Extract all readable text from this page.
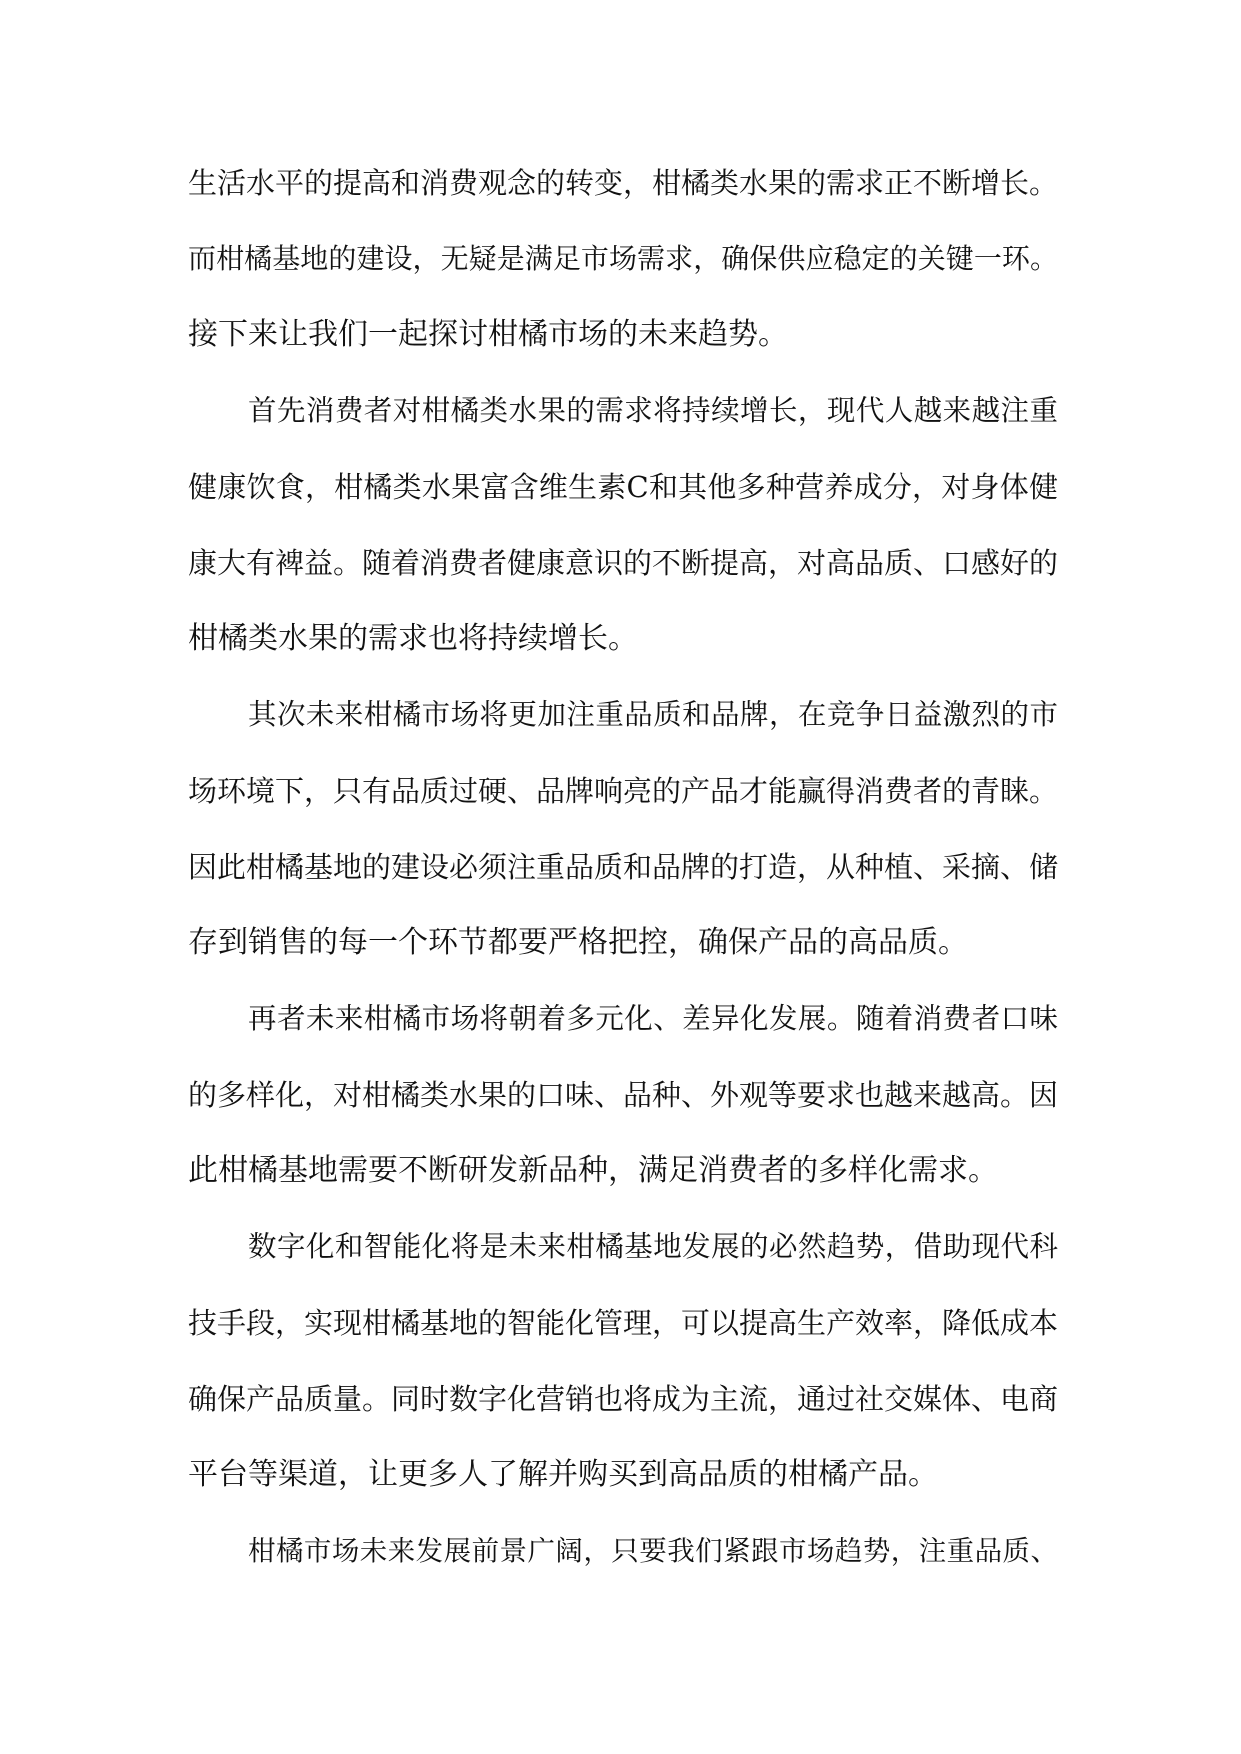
生活水平的提高和消费观念的转变，柑橘类水果的需求正不断增长。
而柑橘基地的建设，无疑是满足市场需求，确保供应稳定的关键一环。
接下来让我们一起探讨柑橘市场的未来趋势。
首先消费者对柑橘类水果的需求将持续增长，现代人越来越注重
健康饮食，柑橘类水果富含维生素C和其他多种营养成分，对身体健
康大有裨益。随着消费者健康意识的不断提高，对高品质、口感好的
柑橘类水果的需求也将持续增长。
其次未来柑橘市场将更加注重品质和品牌，在竞争日益激烈的市
场环境下，只有品质过硬、品牌响亮的产品才能赢得消费者的青睐。
因此柑橘基地的建设必须注重品质和品牌的打造，从种植、采摘、储
存到销售的每一个环节都要严格把控，确保产品的高品质。
再者未来柑橘市场将朝着多元化、差异化发展。随着消费者口味
的多样化，对柑橘类水果的口味、品种、外观等要求也越来越高。因
此柑橘基地需要不断研发新品种，满足消费者的多样化需求。
数字化和智能化将是未来柑橘基地发展的必然趋势，借助现代科
技手段，实现柑橘基地的智能化管理，可以提高生产效率，降低成本
确保产品质量。同时数字化营销也将成为主流，通过社交媒体、电商
平台等渠道，让更多人了解并购买到高品质的柑橘产品。
柑橘市场未来发展前景广阔，只要我们紧跟市场趋势，注重品质、
